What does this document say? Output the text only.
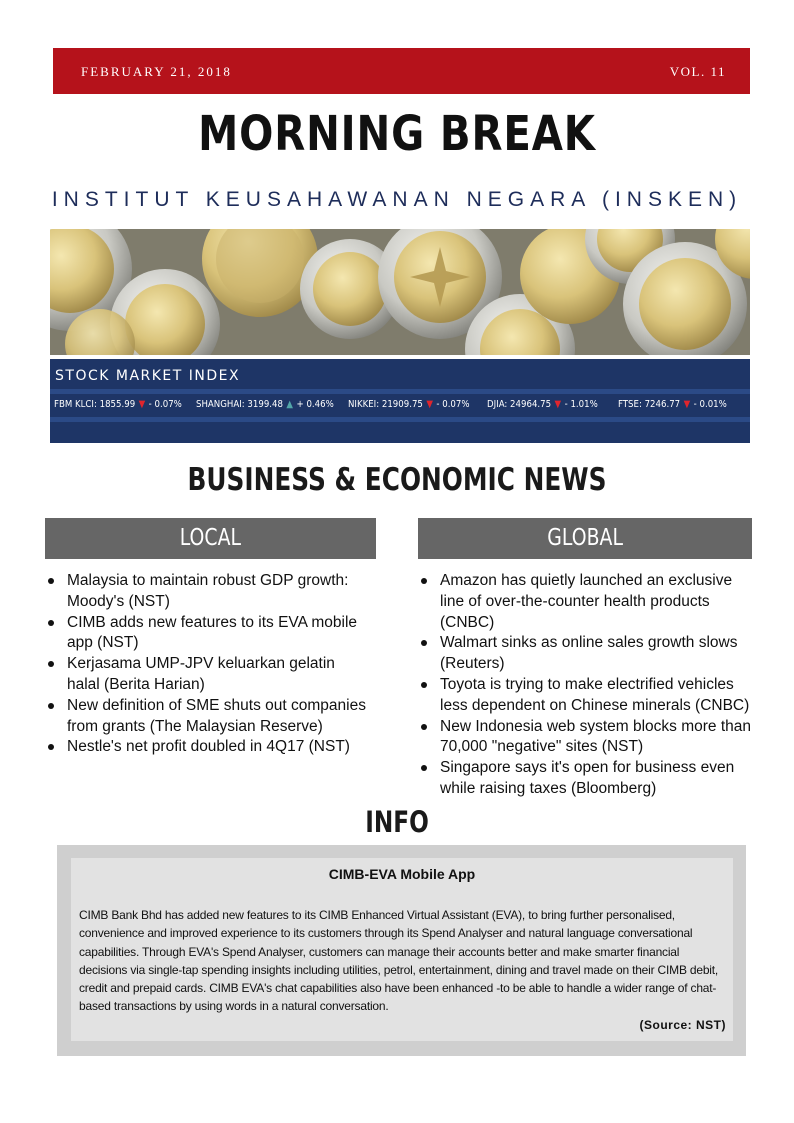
FEBRUARY 21, 2018	VOL. 11
MORNING BREAK
INSTITUT KEUSAHAWANAN NEGARA (INSKEN)
STOCK MARKET INDEX
FBM KLCI: 1855.99 ▼ - 0.07% SHANGHAI: 3199.48 ▲ + 0.46% NIKKEI: 21909.75 ▼ - 0.07% DJIA: 24964.75 ▼ - 1.01% FTSE: 7246.77 ▼ - 0.01%
BUSINESS & ECONOMIC NEWS
LOCAL	GLOBAL
Malaysia to maintain robust GDP growth: Moody's (NST)
CIMB adds new features to its EVA mobile app (NST)
Kerjasama UMP-JPV keluarkan gelatin halal (Berita Harian)
New definition of SME shuts out companies from grants (The Malaysian Reserve)
Nestle's net profit doubled in 4Q17 (NST)
Amazon has quietly launched an exclusive line of over-the-counter health products (CNBC)
Walmart sinks as online sales growth slows (Reuters)
Toyota is trying to make electrified vehicles less dependent on Chinese minerals (CNBC)
New Indonesia web system blocks more than 70,000 "negative" sites (NST)
Singapore says it's open for business even while raising taxes (Bloomberg)
INFO
CIMB-EVA Mobile App
CIMB Bank Bhd has added new features to its CIMB Enhanced Virtual Assistant (EVA), to bring further personalised, convenience and improved experience to its customers through its Spend Analyser and natural language conversational capabilities. Through EVA's Spend Analyser, customers can manage their accounts better and make smarter financial decisions via single-tap spending insights including utilities, petrol, entertainment, dining and travel made on their CIMB debit, credit and prepaid cards. CIMB EVA's chat capabilities also have been enhanced -to be able to handle a wider range of chat-based transactions by using words in a natural conversation.
(Source: NST)
